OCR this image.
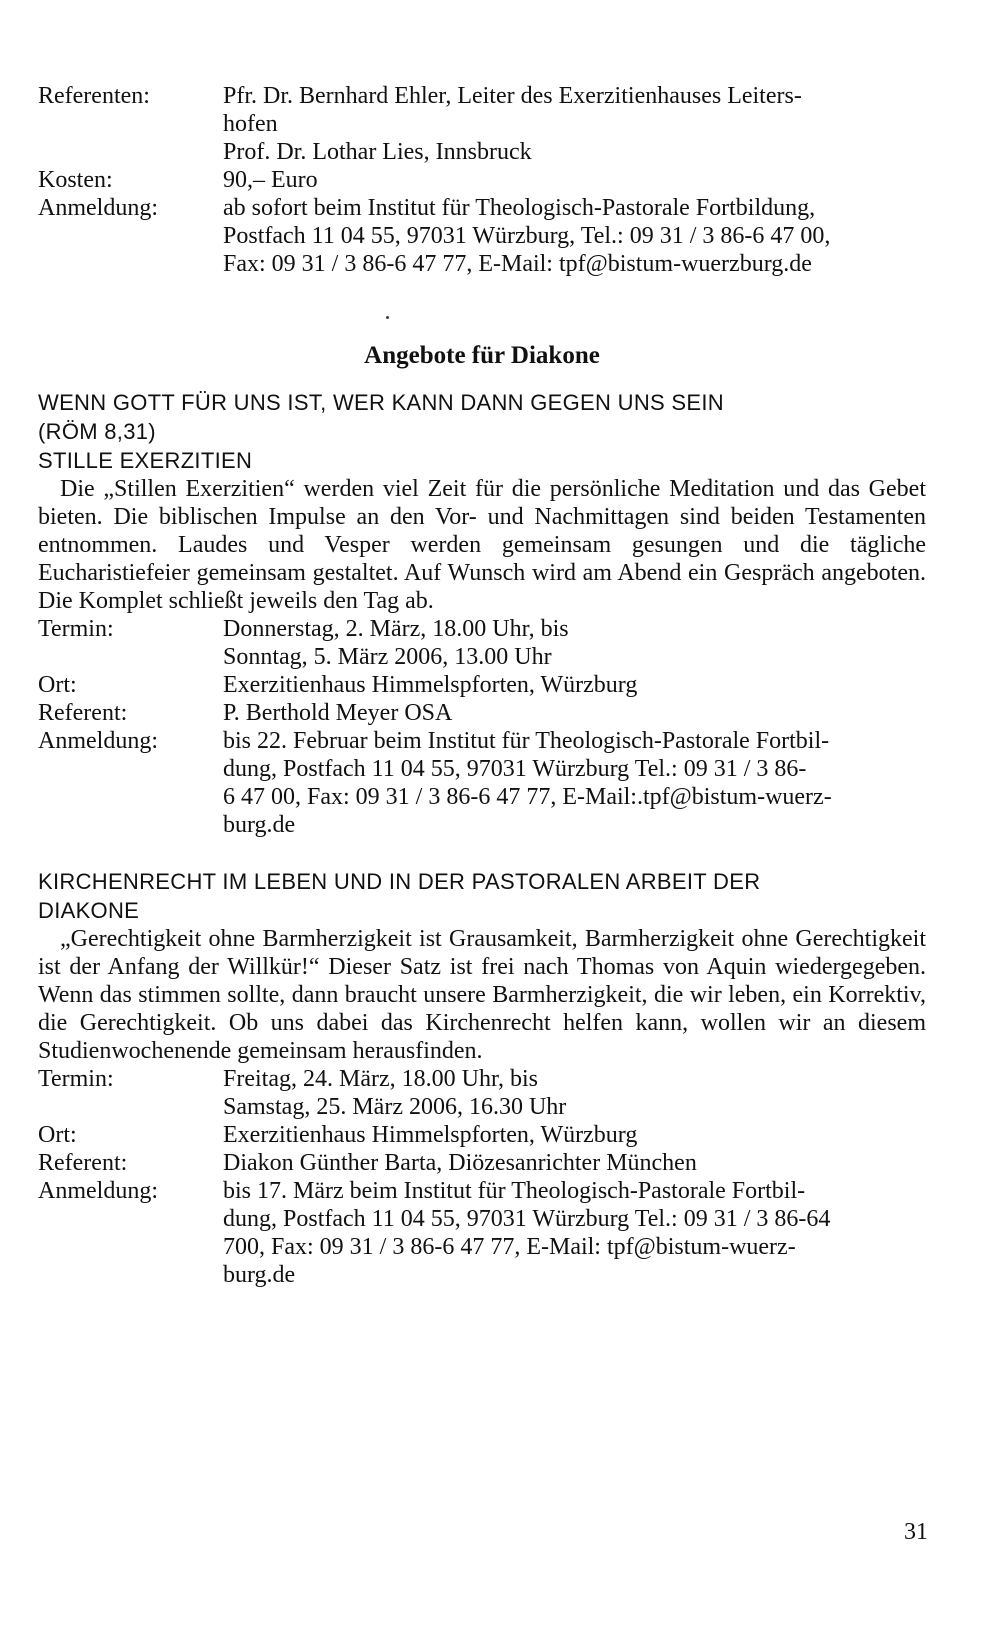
Referenten:	Pfr. Dr. Bernhard Ehler, Leiter des Exerzitienhauses Leiters-
hofen
Prof. Dr. Lothar Lies, Innsbruck

Kosten:	90,– Euro

Anmeldung:	ab sofort beim Institut für Theologisch-Pastorale Fortbildung,
Postfach 11 04 55, 97031 Würzburg, Tel.: 09 31 / 3 86-6 47 00,
Fax: 09 31 / 3 86-6 47 77, E-Mail: tpf@bistum-wuerzburg.de
Angebote für Diakone
WENN GOTT FÜR UNS IST, WER KANN DANN GEGEN UNS SEIN
(RÖM 8,31)
STILLE EXERZITIEN

Die „Stillen Exerzitien“ werden viel Zeit für die persönliche Meditation und das Gebet bieten. Die biblischen Impulse an den Vor- und Nachmittagen sind beiden Testamenten entnommen. Laudes und Vesper werden gemeinsam gesungen und die tägliche Eucharistiefeier gemeinsam gestaltet. Auf Wunsch wird am Abend ein Gespräch angeboten. Die Komplet schließt jeweils den Tag ab.

Termin:	Donnerstag, 2. März, 18.00 Uhr, bis
Sonntag, 5. März 2006, 13.00 Uhr

Ort:	Exerzitienhaus Himmelspforten, Würzburg

Referent:	P. Berthold Meyer OSA

Anmeldung:	bis 22. Februar beim Institut für Theologisch-Pastorale Fortbil-
dung, Postfach 11 04 55, 97031 Würzburg Tel.: 09 31 / 3 86-
6 47 00, Fax: 09 31 / 3 86-6 47 77, E-Mail:.tpf@bistum-wuerz-
burg.de
KIRCHENRECHT IM LEBEN UND IN DER PASTORALEN ARBEIT DER
DIAKONE

„Gerechtigkeit ohne Barmherzigkeit ist Grausamkeit, Barmherzigkeit ohne Gerechtigkeit ist der Anfang der Willkür!“ Dieser Satz ist frei nach Thomas von Aquin wiedergegeben. Wenn das stimmen sollte, dann braucht unsere Barmherzigkeit, die wir leben, ein Korrektiv, die Gerechtigkeit. Ob uns dabei das Kirchenrecht helfen kann, wollen wir an diesem Studienwochenende gemeinsam herausfinden.

Termin:	Freitag, 24. März, 18.00 Uhr, bis
Samstag, 25. März 2006, 16.30 Uhr

Ort:	Exerzitienhaus Himmelspforten, Würzburg

Referent:	Diakon Günther Barta, Diözesanrichter München

Anmeldung:	bis 17. März beim Institut für Theologisch-Pastorale Fortbil-
dung, Postfach 11 04 55, 97031 Würzburg Tel.: 09 31 / 3 86-64
700, Fax: 09 31 / 3 86-6 47 77, E-Mail: tpf@bistum-wuerz-
burg.de
31
